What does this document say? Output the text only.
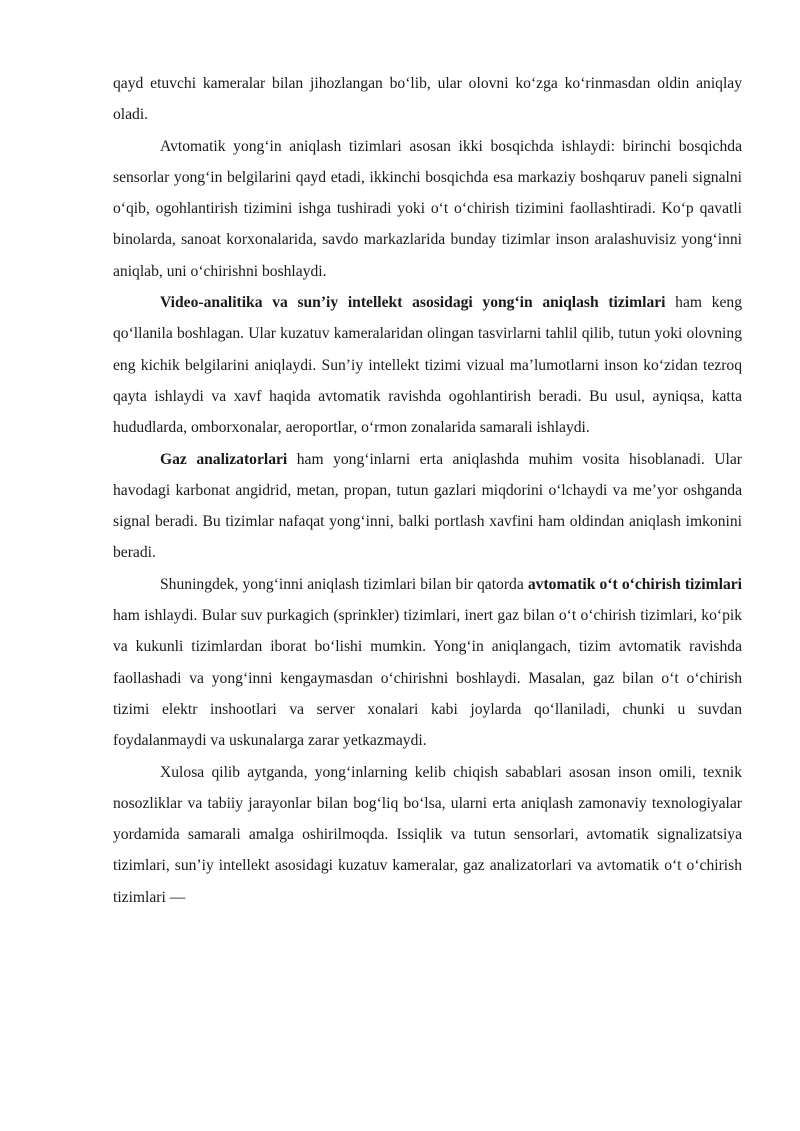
qayd etuvchi kameralar bilan jihozlangan bo‘lib, ular olovni ko‘zga ko‘rinmasdan oldin aniqlay oladi.

Avtomatik yong‘in aniqlash tizimlari asosan ikki bosqichda ishlaydi: birinchi bosqichda sensorlar yong‘in belgilarini qayd etadi, ikkinchi bosqichda esa markaziy boshqaruv paneli signalni o‘qib, ogohlantirish tizimini ishga tushiradi yoki o‘t o‘chirish tizimini faollashtiradi. Ko‘p qavatli binolarda, sanoat korxonalarida, savdo markazlarida bunday tizimlar inson aralashuvisiz yong‘inni aniqlab, uni o‘chirishni boshlaydi.

Video-analitika va sun’iy intellekt asosidagi yong‘in aniqlash tizimlari ham keng qo‘llanila boshlagan. Ular kuzatuv kameralaridan olingan tasvirlarni tahlil qilib, tutun yoki olovning eng kichik belgilarini aniqlaydi. Sun’iy intellekt tizimi vizual ma’lumotlarni inson ko‘zidan tezroq qayta ishlaydi va xavf haqida avtomatik ravishda ogohlantirish beradi. Bu usul, ayniqsa, katta hududlarda, omborxonalar, aeroportlar, o‘rmon zonalarida samarali ishlaydi.

Gaz analizatorlari ham yong‘inlarni erta aniqlashda muhim vosita hisoblanadi. Ular havodagi karbonat angidrid, metan, propan, tutun gazlari miqdorini o‘lchaydi va me’yor oshganda signal beradi. Bu tizimlar nafaqat yong‘inni, balki portlash xavfini ham oldindan aniqlash imkonini beradi.

Shuningdek, yong‘inni aniqlash tizimlari bilan bir qatorda avtomatik o‘t o‘chirish tizimlari ham ishlaydi. Bular suv purkagich (sprinkler) tizimlari, inert gaz bilan o‘t o‘chirish tizimlari, ko‘pik va kukunli tizimlardan iborat bo‘lishi mumkin. Yong‘in aniqlangach, tizim avtomatik ravishda faollashadi va yong‘inni kengaymasdan o‘chirishni boshlaydi. Masalan, gaz bilan o‘t o‘chirish tizimi elektr inshootlari va server xonalari kabi joylarda qo‘llaniladi, chunki u suvdan foydalanmaydi va uskunalarga zarar yetkazmaydi.

Xulosa qilib aytganda, yong‘inlarning kelib chiqish sabablari asosan inson omili, texnik nosozliklar va tabiiy jarayonlar bilan bog‘liq bo‘lsa, ularni erta aniqlash zamonaviy texnologiyalar yordamida samarali amalga oshirilmoqda. Issiqlik va tutun sensorlari, avtomatik signalizatsiya tizimlari, sun’iy intellekt asosidagi kuzatuv kameralar, gaz analizatorlari va avtomatik o‘t o‘chirish tizimlari —
